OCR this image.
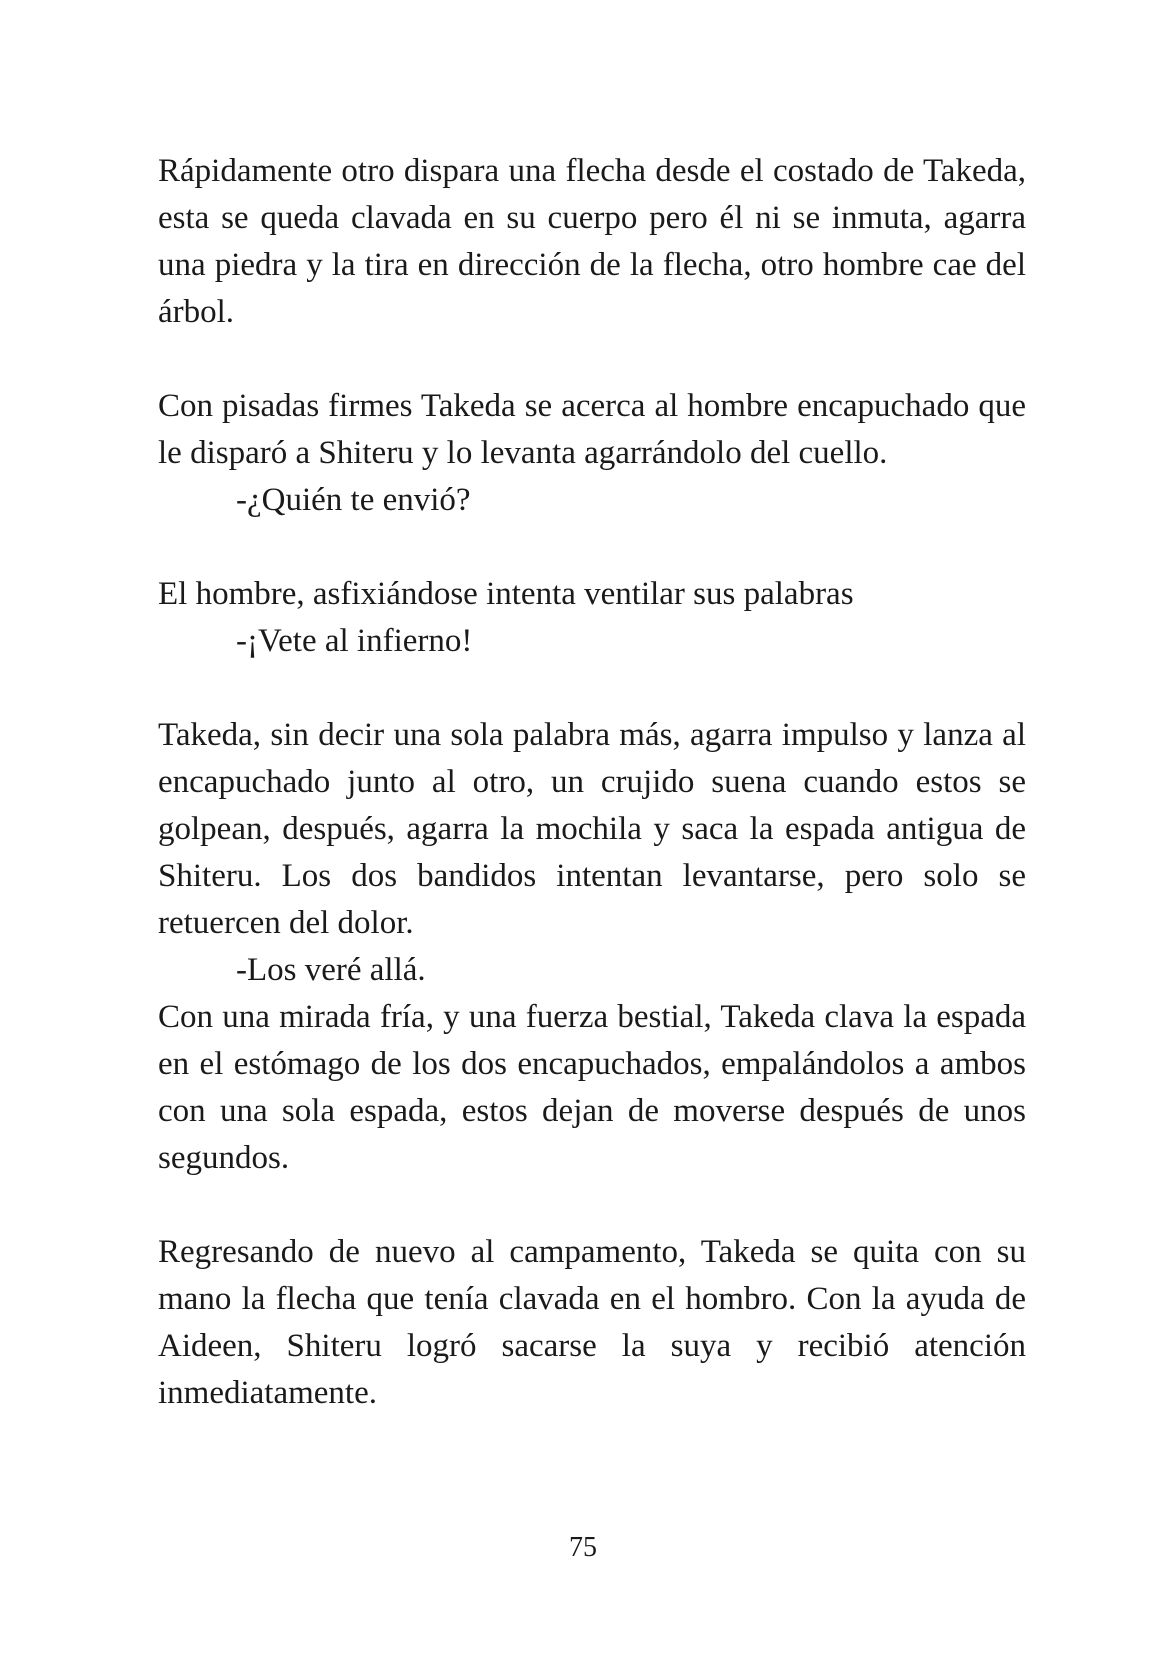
Rápidamente otro dispara una flecha desde el costado de Takeda, esta se queda clavada en su cuerpo pero él ni se inmuta, agarra una piedra y la tira en dirección de la flecha, otro hombre cae del árbol.

Con pisadas firmes Takeda se acerca al hombre encapuchado que le disparó a Shiteru y lo levanta agarrándolo del cuello.

-¿Quién te envió?

El hombre, asfixiándose intenta ventilar sus palabras

-¡Vete al infierno!

Takeda, sin decir una sola palabra más, agarra impulso y lanza al encapuchado junto al otro, un crujido suena cuando estos se golpean, después, agarra la mochila y saca la espada antigua de Shiteru. Los dos bandidos intentan levantarse, pero solo se retuercen del dolor.

-Los veré allá.

Con una mirada fría, y una fuerza bestial, Takeda clava la espada en el estómago de los dos encapuchados, empalándolos a ambos con una sola espada, estos dejan de moverse después de unos segundos.

Regresando de nuevo al campamento, Takeda se quita con su mano la flecha que tenía clavada en el hombro. Con la ayuda de Aideen, Shiteru logró sacarse la suya y recibió atención inmediatamente.

75
